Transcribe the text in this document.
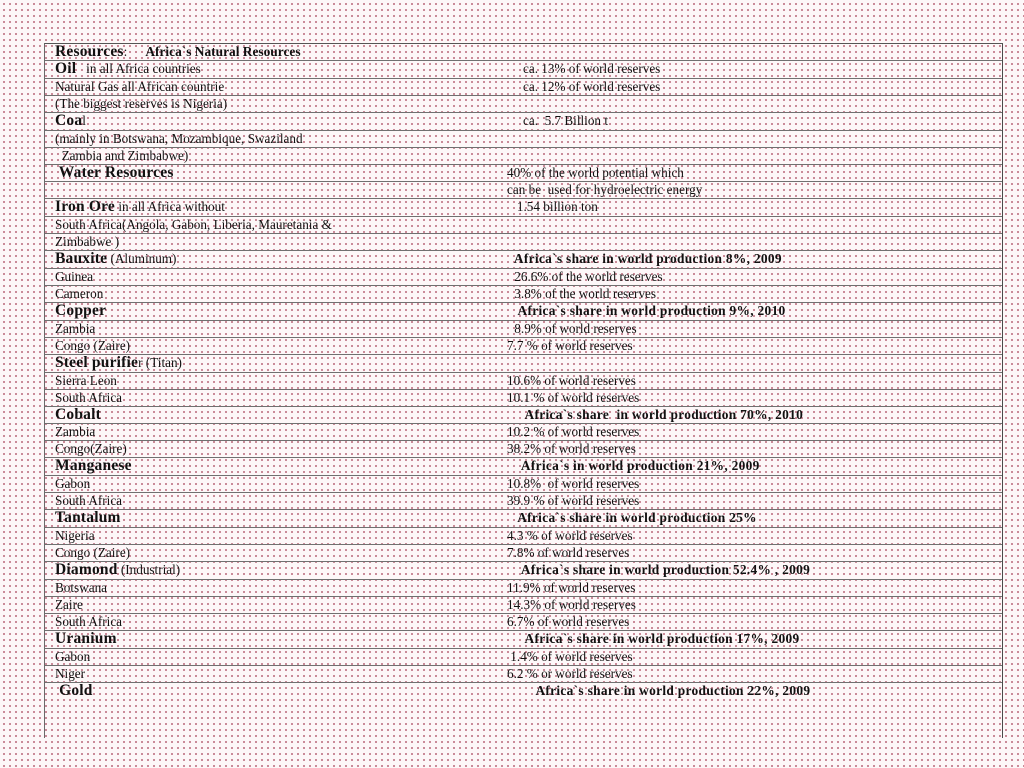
Resources: Africa`s Natural Resources
Oil   in all Africa countries	ca. 13% of world reserves
Natural Gas all African countrie	ca. 12% of world reserves
(The biggest reserves is Nigeria)
Coal	ca.  5.7 Billion t
(mainly in Botswana, Mozambique, Swaziland
Zambia and Zimbabwe)
Water Resources	40% of the world potential which
can be  used for hydroelectric energy
Iron Ore in all Africa without	1.54 billion ton
South Africa(Angola, Gabon, Liberia, Mauretania &
Zimbabwe )
Bauxite (Aluminum)	Africa`s share in world production 8%, 2009
Guinea	26.6% of the world reserves
Cameron	3.8% of the world reserves
Copper	Africa`s share in world production 9%, 2010
Zambia	8.9% of world reserves
Congo (Zaire)	7.7 % of world reserves
Steel purifier (Titan)
Sierra Leon	10.6% of world reserves
South Africa	10.1 % of world reserves
Cobalt	Africa`s share  in world production 70%, 2010
Zambia	10.2 % of world reserves
Congo(Zaire)	38.2% of world reserves
Manganese	Africa`s in world production 21%, 2009
Gabon	10.8%  of world reserves
South Africa	39.9 % of world reserves
Tantalum	Africa`s share in world production 25%
Nigeria	4.3 % of world reserves
Congo (Zaire)	7.8% of world reserves
Diamond (Industrial)	Africa`s share in world production 52.4% , 2009
Botswana	11.9% of world reserves
Zaire	14.3% of world reserves
South Africa	6.7% of world reserves
Uranium	Africa`s share in world production 17%, 2009
Gabon	1.4% of world reserves
Niger	6.2 % or world reserves
Gold	Africa`s share in world production 22%, 2009
